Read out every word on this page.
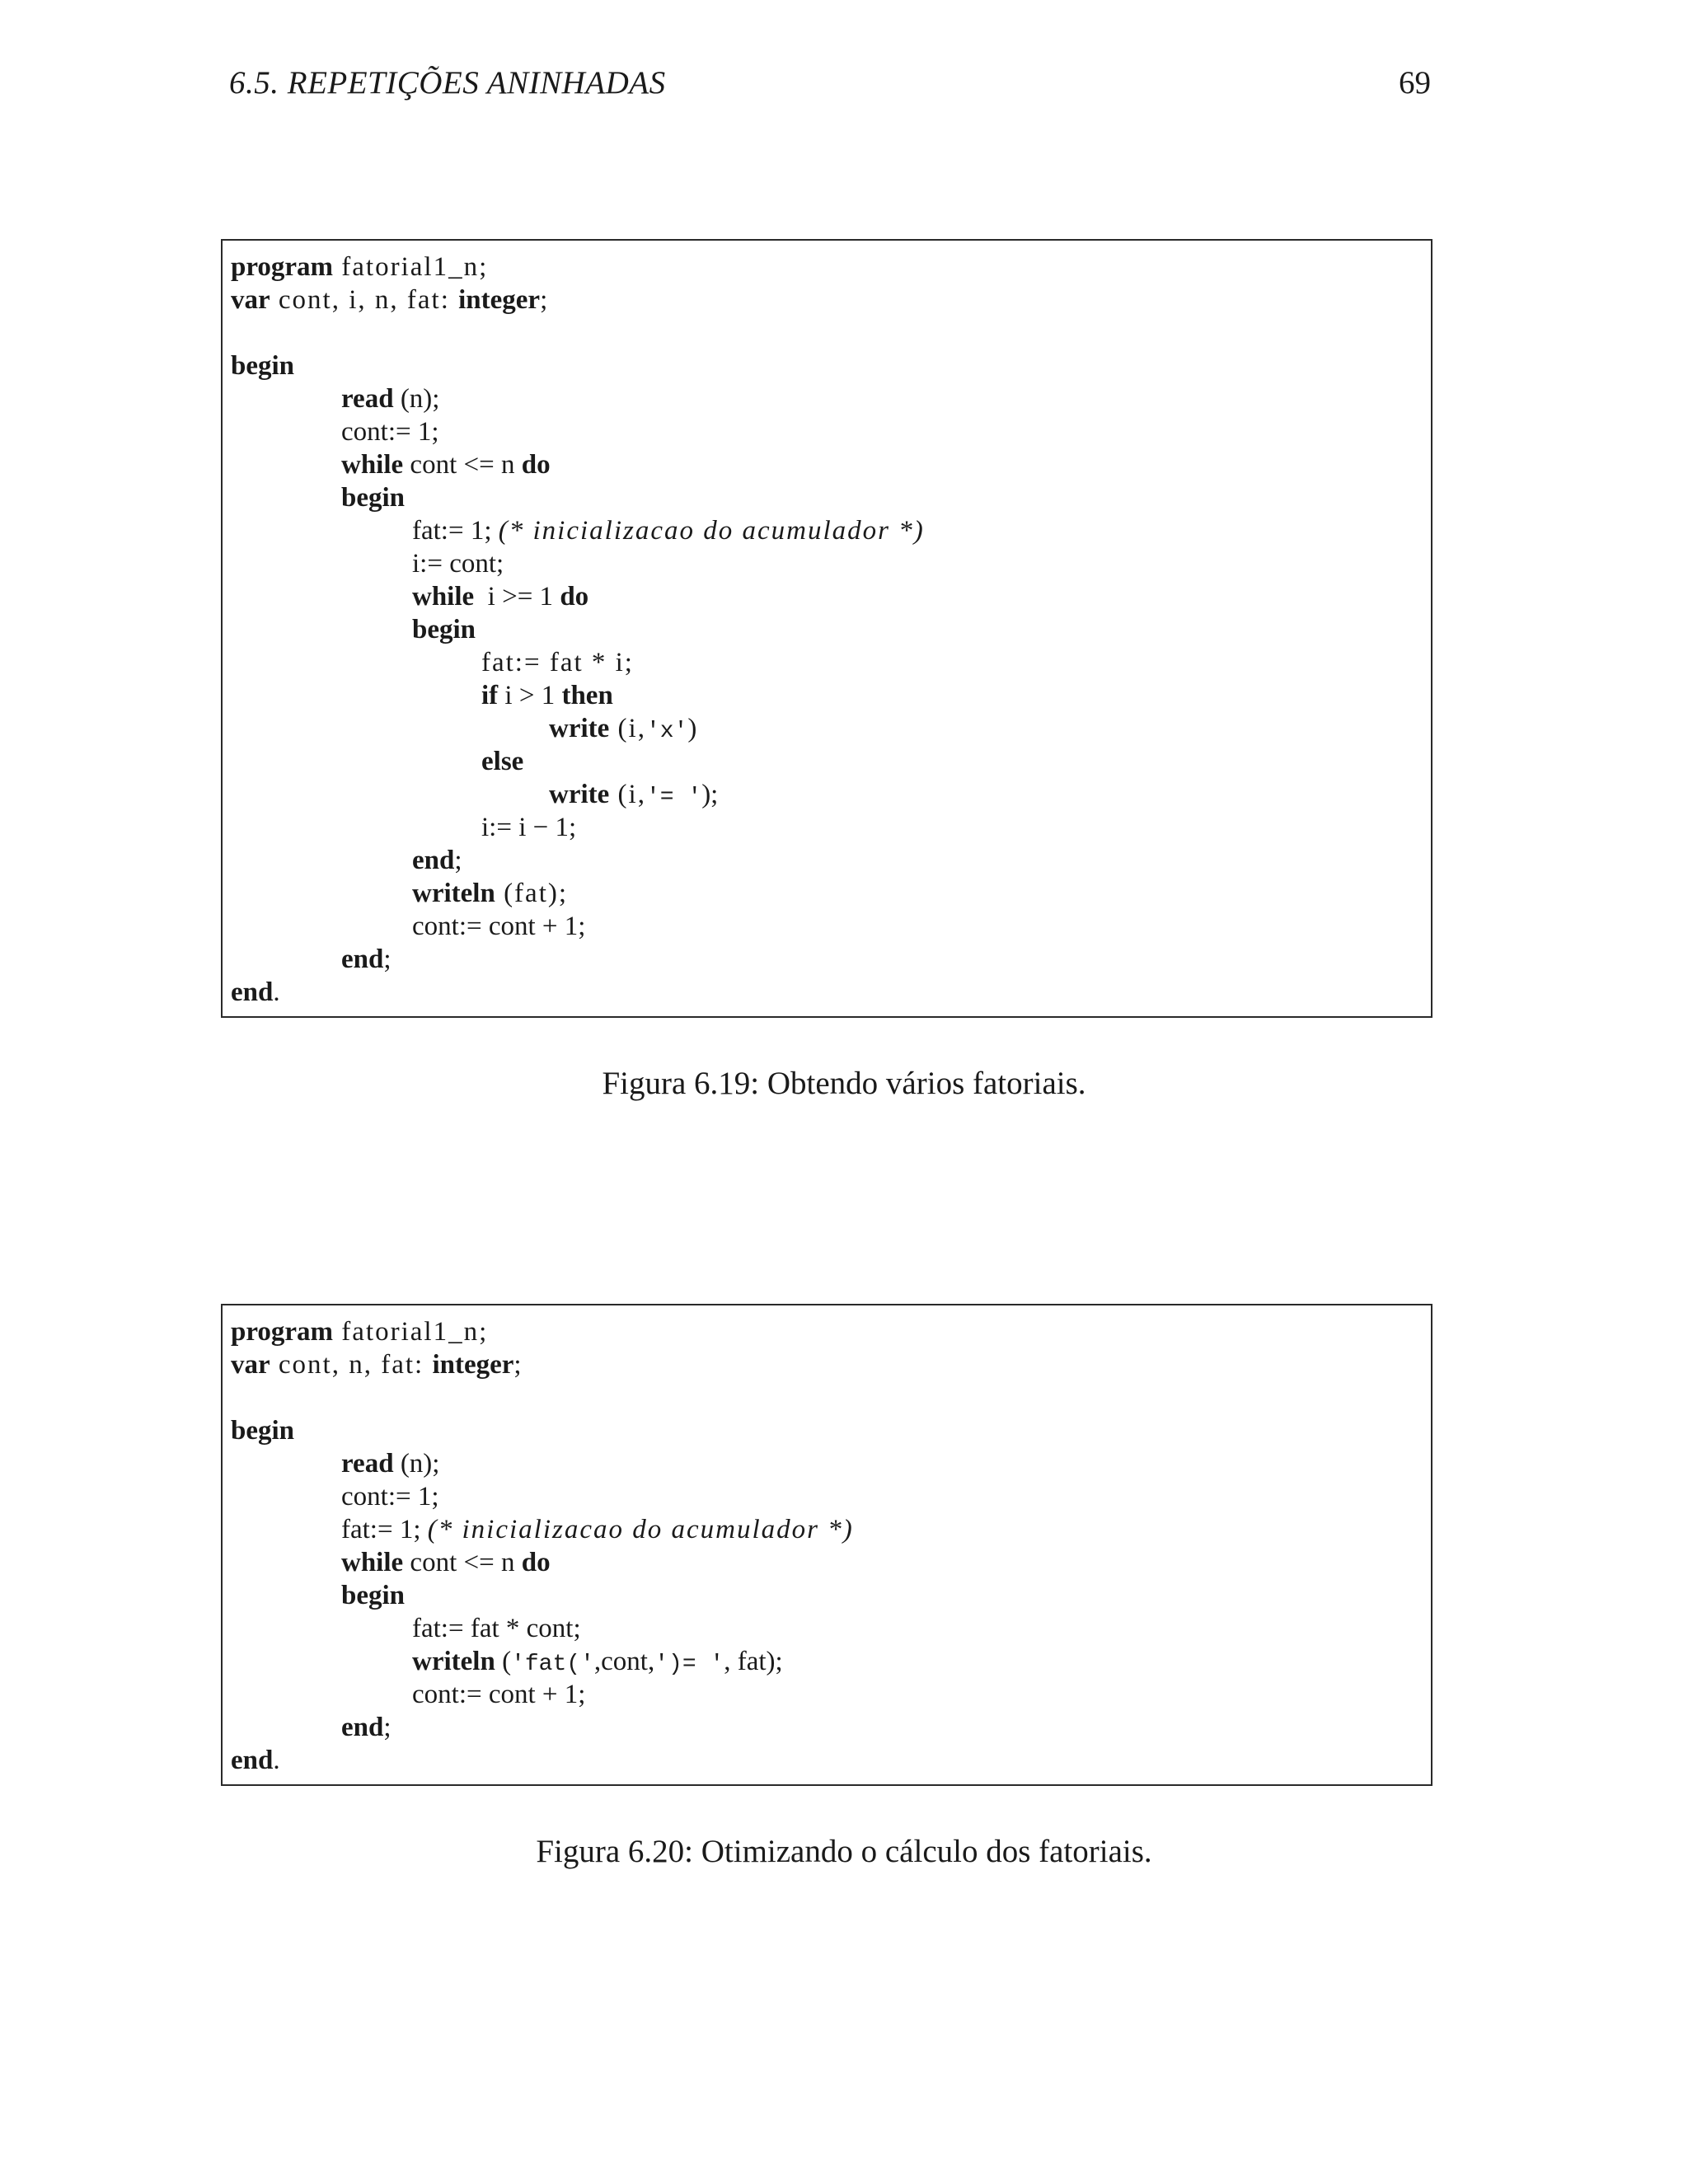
6.5. REPETIÇÕES ANINHADAS	69
program fatorial1_n;
var cont, i, n, fat: integer;
begin
read (n);
cont:= 1;
while cont <= n do
begin
fat:= 1; (* inicializacao do acumulador *)
i:= cont;
while  i >= 1 do
begin
fat:= fat * i;
if i > 1 then
write (i,'x')
else
write (i,'= ');
i:= i − 1;
end;
writeln (fat);
cont:= cont + 1;
end;
end.
Figura 6.19: Obtendo vários fatoriais.
program fatorial1_n;
var cont, n, fat: integer;
begin
read (n);
cont:= 1;
fat:= 1; (* inicializacao do acumulador *)
while cont <= n do
begin
fat:= fat * cont;
writeln ('fat(',cont,')= ', fat);
cont:= cont + 1;
end;
end.
Figura 6.20: Otimizando o cálculo dos fatoriais.
